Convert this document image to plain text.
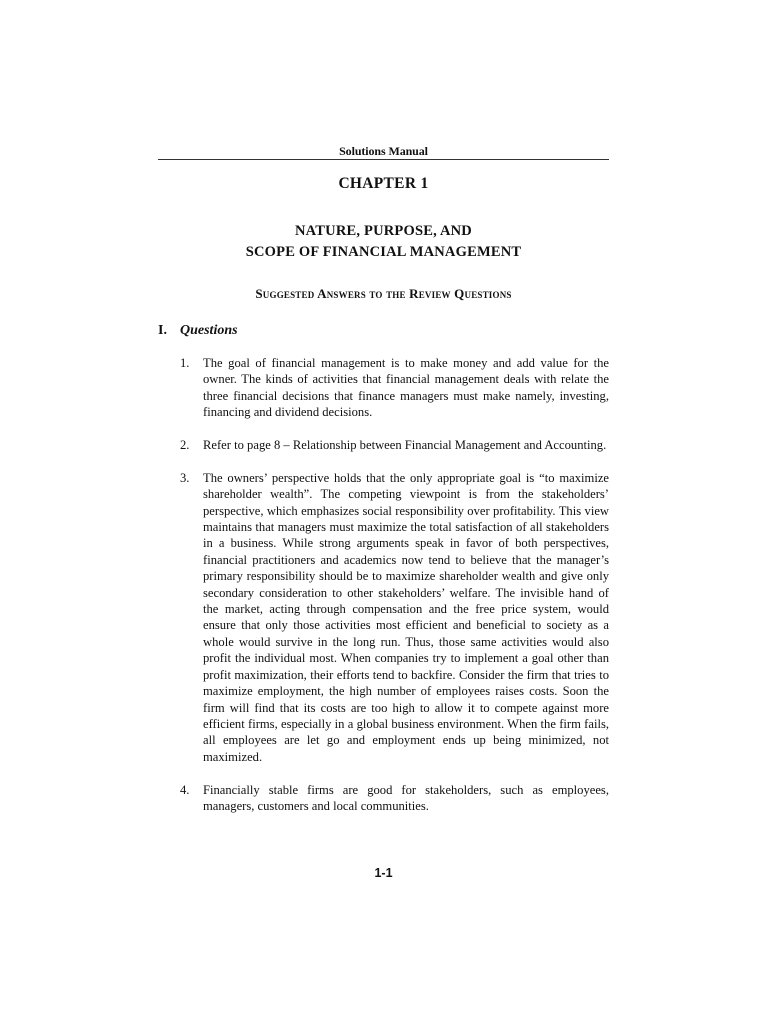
Solutions Manual
CHAPTER 1
NATURE, PURPOSE, AND
SCOPE OF FINANCIAL MANAGEMENT
Suggested Answers to the Review Questions
I. Questions
1. The goal of financial management is to make money and add value for the owner. The kinds of activities that financial management deals with relate the three financial decisions that finance managers must make namely, investing, financing and dividend decisions.
2. Refer to page 8 – Relationship between Financial Management and Accounting.
3. The owners’ perspective holds that the only appropriate goal is “to maximize shareholder wealth”. The competing viewpoint is from the stakeholders’ perspective, which emphasizes social responsibility over profitability. This view maintains that managers must maximize the total satisfaction of all stakeholders in a business. While strong arguments speak in favor of both perspectives, financial practitioners and academics now tend to believe that the manager’s primary responsibility should be to maximize shareholder wealth and give only secondary consideration to other stakeholders’ welfare. The invisible hand of the market, acting through compensation and the free price system, would ensure that only those activities most efficient and beneficial to society as a whole would survive in the long run. Thus, those same activities would also profit the individual most. When companies try to implement a goal other than profit maximization, their efforts tend to backfire. Consider the firm that tries to maximize employment, the high number of employees raises costs. Soon the firm will find that its costs are too high to allow it to compete against more efficient firms, especially in a global business environment. When the firm fails, all employees are let go and employment ends up being minimized, not maximized.
4. Financially stable firms are good for stakeholders, such as employees, managers, customers and local communities.
1-1
